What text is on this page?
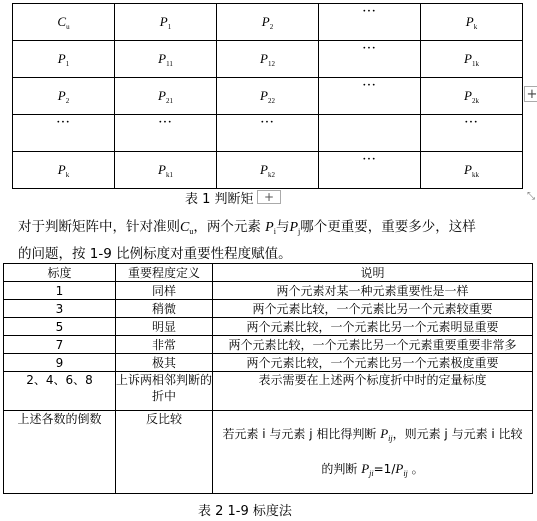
$C_u$	$P_1$	$P_2$	···	$P_k$
$P_1$	$P_{11}$	$P_{12}$	···	$P_{1k}$
$P_2$	$P_{21}$	$P_{22}$	···	$P_{2k}$
···	···	···		···
$P_k$	$P_{k1}$	$P_{k2}$	···	$P_{kk}$
+
⤡
表 1 判断矩 +
对于判断矩阵中，针对准则$C_u$，两个元素 $P_i$与$P_j$哪个更重要，重要多少，这样
的问题，按 1-9 比例标度对重要性程度赋值。
标度	重要程度定义	说明
1	同样	两个元素对某一种元素重要性是一样
3	稍微	两个元素比较，一个元素比另一个元素较重要
5	明显	两个元素比较，一个元素比另一个元素明显重要
7	非常	两个元素比较，一个元素比另一个元素重要重要非常多
9	极其	两个元素比较，一个元素比另一个元素极度重要
2、4、6、8	上诉两相邻判断的折中	表示需要在上述两个标度折中时的定量标度
上述各数的倒数	反比较	若元素 i 与元素 j 相比得判断 $P_{ij}$，则元素 j 与元素 i 比较
的判断 $P_{ji}=1/P_{ij}$ 。
表 2 1-9 标度法
